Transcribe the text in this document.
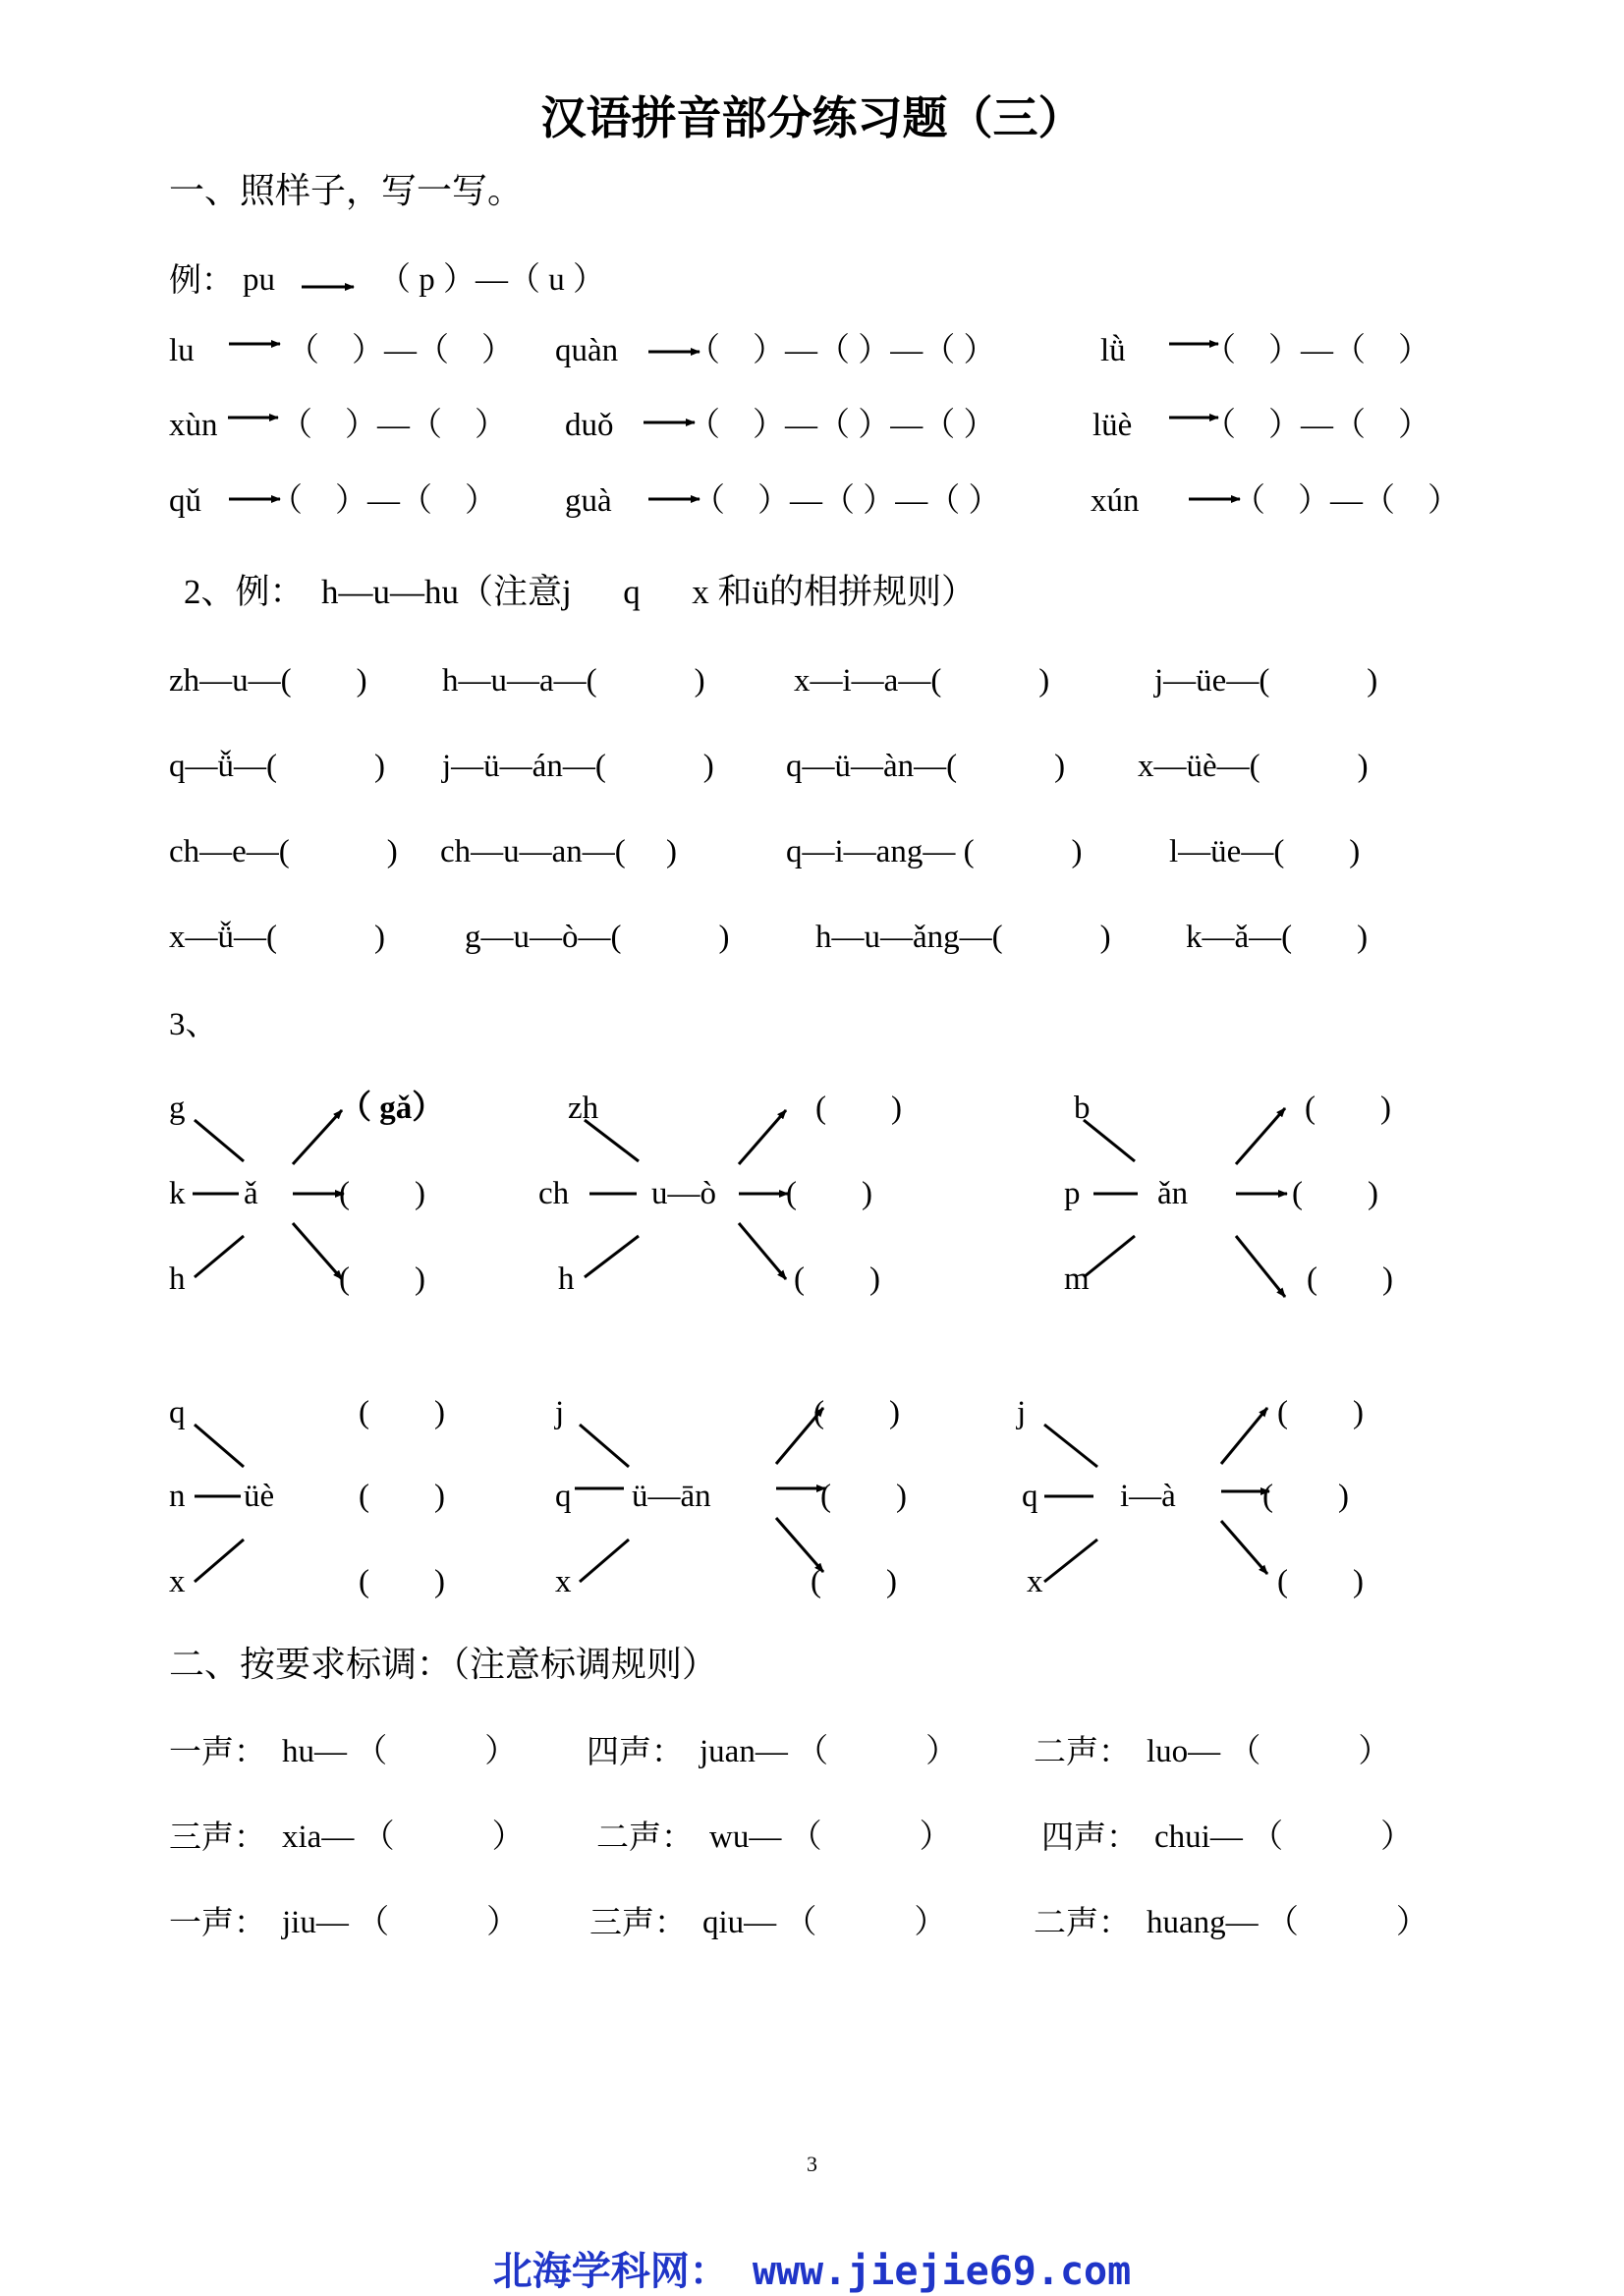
汉语拼音部分练习题（三）
一、照样子，写一写。
例： pu	（ p ）—（ u ）
lu	（　）—（　） quàn （　）—（ ）—（ ）	lǜ （　）—（　）
xùn （　）—（　） duǒ （　）—（ ）—（ ）	lüè （　）—（　）
qǔ （　）—（　） guà （　）—（ ）—（ ）	xún	（　）—（　）
2、例：  h—u—hu（注意j　  q　  x 和ü的相拼规则）
zh—u—(　　) h—u—a—(　　　)	x—i—a—(　　　)	j—üe—(　　　)
q—ǚ—(　　　) j—ü—án—(　　　) q—ü—àn—(　　　) x—üè—(　　　)
ch—e—(　　　) ch—u—an—(　 )	q—i—ang— (　　　)	l—üe—(　　)
x—ǚ—(　　　) g—u—ò—(　　　)	h—u—ǎng—(　　　) k—ǎ—(　　)
3、
g
k
h
ǎ
（ gǎ）
(　　)
(　　)
zh
ch
h
u—ò
(　　)
(　　)
(　　)
b
p
m
ǎn
(　　)
(　　)
(　　)
q
n
x
üè
(　　)
(　　)
(　　)
j
q
x
ü—ān
(　　)
(　　)
(　　)
j
q
x
i—à
(　　)
(　　)
(　　)
二、按要求标调：（注意标调规则）
一声： hu— （　　　） 四声： juan— （　　　） 二声： luo— （　　　）
三声： xia— （　　　） 二声： wu— （　　　）	四声： chui— （　　　）
一声： jiu— （　　　） 三声： qiu— （　　　）	二声： huang— （　　　）
3
北海学科网： www.jiejie69.com
